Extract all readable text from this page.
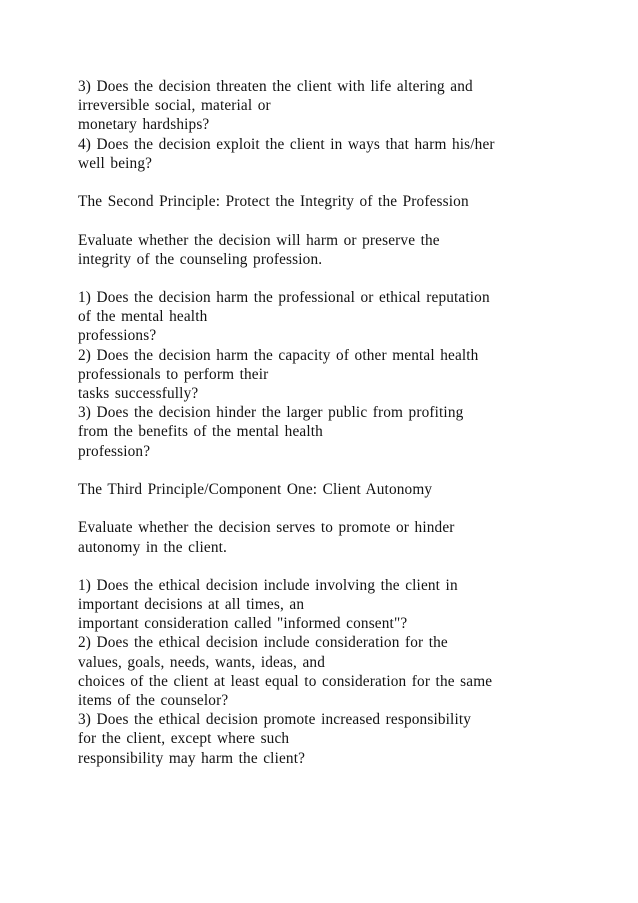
3) Does the decision threaten the client with life altering and
irreversible social, material or
monetary hardships?
4) Does the decision exploit the client in ways that harm his/her
well being?
The Second Principle: Protect the Integrity of the Profession
Evaluate whether the decision will harm or preserve the
integrity of the counseling profession.
1) Does the decision harm the professional or ethical reputation
of the mental health
professions?
2) Does the decision harm the capacity of other mental health
professionals to perform their
tasks successfully?
3) Does the decision hinder the larger public from profiting
from the benefits of the mental health
profession?
The Third Principle/Component One: Client Autonomy
Evaluate whether the decision serves to promote or hinder
autonomy in the client.
1) Does the ethical decision include involving the client in
important decisions at all times, an
important consideration called "informed consent"?
2) Does the ethical decision include consideration for the
values, goals, needs, wants, ideas, and
choices of the client at least equal to consideration for the same
items of the counselor?
3) Does the ethical decision promote increased responsibility
for the client, except where such
responsibility may harm the client?
